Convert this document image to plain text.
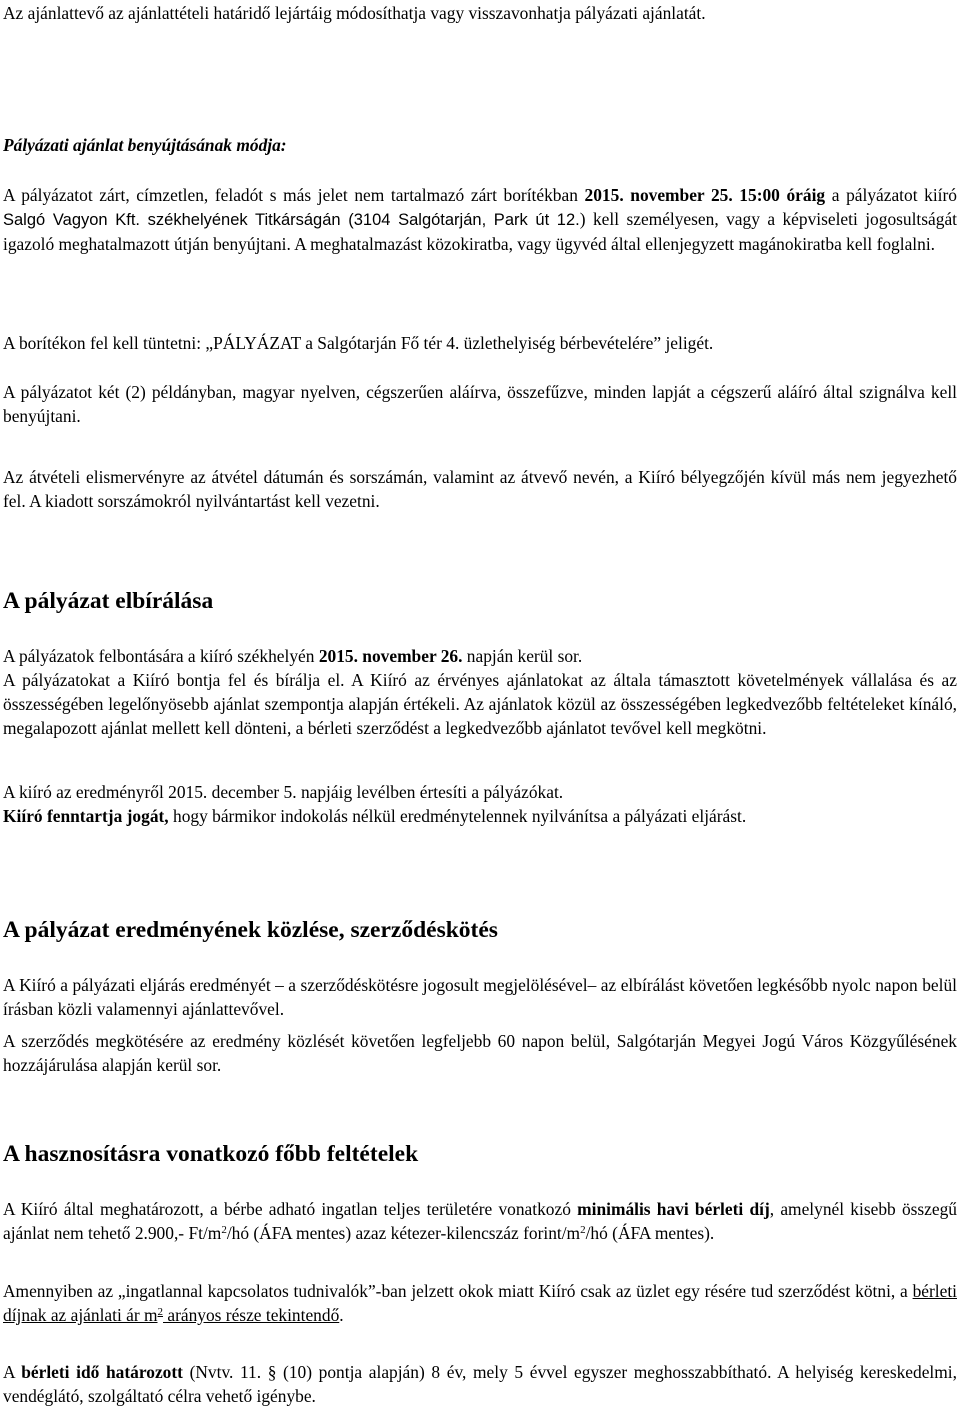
Az ajánlattevő az ajánlattételi határidő lejártáig módosíthatja vagy visszavonhatja pályázati ajánlatát.

Pályázati ajánlat benyújtásának módja:

A pályázatot zárt, címzetlen, feladót s más jelet nem tartalmazó zárt borítékban 2015. november 25. 15:00 óráig a pályázatot kiíró Salgó Vagyon Kft. székhelyének Titkárságán (3104 Salgótarján, Park út 12.) kell személyesen, vagy a képviseleti jogosultságát igazoló meghatalmazott útján benyújtani. A meghatalmazást közokiratba, vagy ügyvéd által ellenjegyzett magánokiratba kell foglalni.

A borítékon fel kell tüntetni: „PÁLYÁZAT a Salgótarján Fő tér 4. üzlethelyiség bérbevételére” jeligét.

A pályázatot két (2) példányban, magyar nyelven, cégszerűen aláírva, összefűzve, minden lapját a cégszerű aláíró által szignálva kell benyújtani.

Az átvételi elismervényre az átvétel dátumán és sorszámán, valamint az átvevő nevén, a Kiíró bélyegzőjén kívül más nem jegyezhető fel. A kiadott sorszámokról nyilvántartást kell vezetni.

A pályázat elbírálása

A pályázatok felbontására a kiíró székhelyén 2015. november 26. napján kerül sor.

A pályázatokat a Kiíró bontja fel és bírálja el. A Kiíró az érvényes ajánlatokat az általa támasztott követelmények vállalása és az összességében legelőnyösebb ajánlat szempontja alapján értékeli. Az ajánlatok közül az összességében legkedvezőbb feltételeket kínáló, megalapozott ajánlat mellett kell dönteni, a bérleti szerződést a legkedvezőbb ajánlatot tevővel kell megkötni.

A kiíró az eredményről 2015. december 5. napjáig levélben értesíti a pályázókat.

Kiíró fenntartja jogát, hogy bármikor indokolás nélkül eredménytelennek nyilvánítsa a pályázati eljárást.

A pályázat eredményének közlése, szerződéskötés

A Kiíró a pályázati eljárás eredményét – a szerződéskötésre jogosult megjelölésével– az elbírálást követően legkésőbb nyolc napon belül írásban közli valamennyi ajánlattevővel.

A szerződés megkötésére az eredmény közlését követően legfeljebb 60 napon belül, Salgótarján Megyei Jogú Város Közgyűlésének hozzájárulása alapján kerül sor.

A hasznosításra vonatkozó főbb feltételek

A Kiíró által meghatározott, a bérbe adható ingatlan teljes területére vonatkozó minimális havi bérleti díj, amelynél kisebb összegű ajánlat nem tehető 2.900,- $Ft/m^2/hó$ (ÁFA mentes) azaz kétezer-kilencszáz forint/$m^2/hó$ (ÁFA mentes).

Amennyiben az „ingatlannal kapcsolatos tudnivalók”-ban jelzett okok miatt Kiíró csak az üzlet egy résére tud szerződést kötni, a bérleti díjnak az ajánlati ár $m^2$ arányos része tekintendő.

A bérleti idő határozott (Nvtv. 11. § (10) pontja alapján) 8 év, mely 5 évvel egyszer meghosszabbítható. A helyiség kereskedelmi, vendéglátó, szolgáltató célra vehető igénybe.
